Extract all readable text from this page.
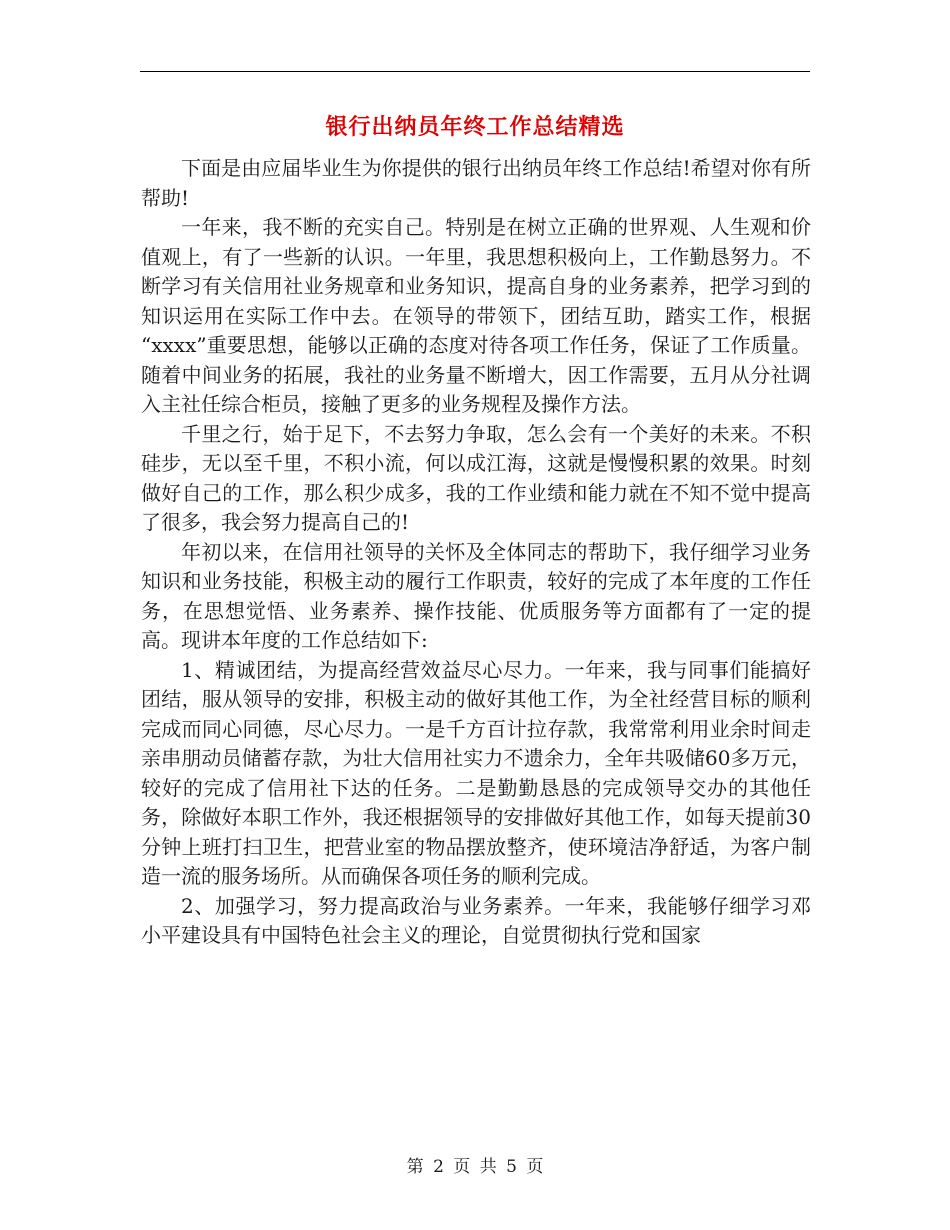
银行出纳员年终工作总结精选

下面是由应届毕业生为你提供的银行出纳员年终工作总结!希望对你有所帮助!

一年来，我不断的充实自己。特别是在树立正确的世界观、人生观和价值观上，有了一些新的认识。一年里，我思想积极向上，工作勤恳努力。不断学习有关信用社业务规章和业务知识，提高自身的业务素养，把学习到的知识运用在实际工作中去。在领导的带领下，团结互助，踏实工作，根据 “xxxx”重要思想，能够以正确的态度对待各项工作任务，保证了工作质量。随着中间业务的拓展，我社的业务量不断增大，因工作需要，五月从分社调入主社任综合柜员，接触了更多的业务规程及操作方法。

千里之行，始于足下，不去努力争取，怎么会有一个美好的未来。不积硅步，无以至千里，不积小流，何以成江海，这就是慢慢积累的效果。时刻做好自己的工作，那么积少成多，我的工作业绩和能力就在不知不觉中提高了很多，我会努力提高自己的!

年初以来，在信用社领导的关怀及全体同志的帮助下，我仔细学习业务知识和业务技能，积极主动的履行工作职责，较好的完成了本年度的工作任务，在思想觉悟、业务素养、操作技能、优质服务等方面都有了一定的提高。现讲本年度的工作总结如下:

1、精诚团结，为提高经营效益尽心尽力。一年来，我与同事们能搞好团结，服从领导的安排，积极主动的做好其他工作，为全社经营目标的顺利完成而同心同德，尽心尽力。一是千方百计拉存款，我常常利用业余时间走亲串朋动员储蓄存款，为壮大信用社实力不遗余力，全年共吸储60多万元，较好的完成了信用社下达的任务。二是勤勤恳恳的完成领导交办的其他任务，除做好本职工作外，我还根据领导的安排做好其他工作，如每天提前30分钟上班打扫卫生，把营业室的物品摆放整齐，使环境洁净舒适，为客户制造一流的服务场所。从而确保各项任务的顺利完成。

2、加强学习，努力提高政治与业务素养。一年来，我能够仔细学习邓小平建设具有中国特色社会主义的理论，自觉贯彻执行党和国家

第 2 页 共 5 页
